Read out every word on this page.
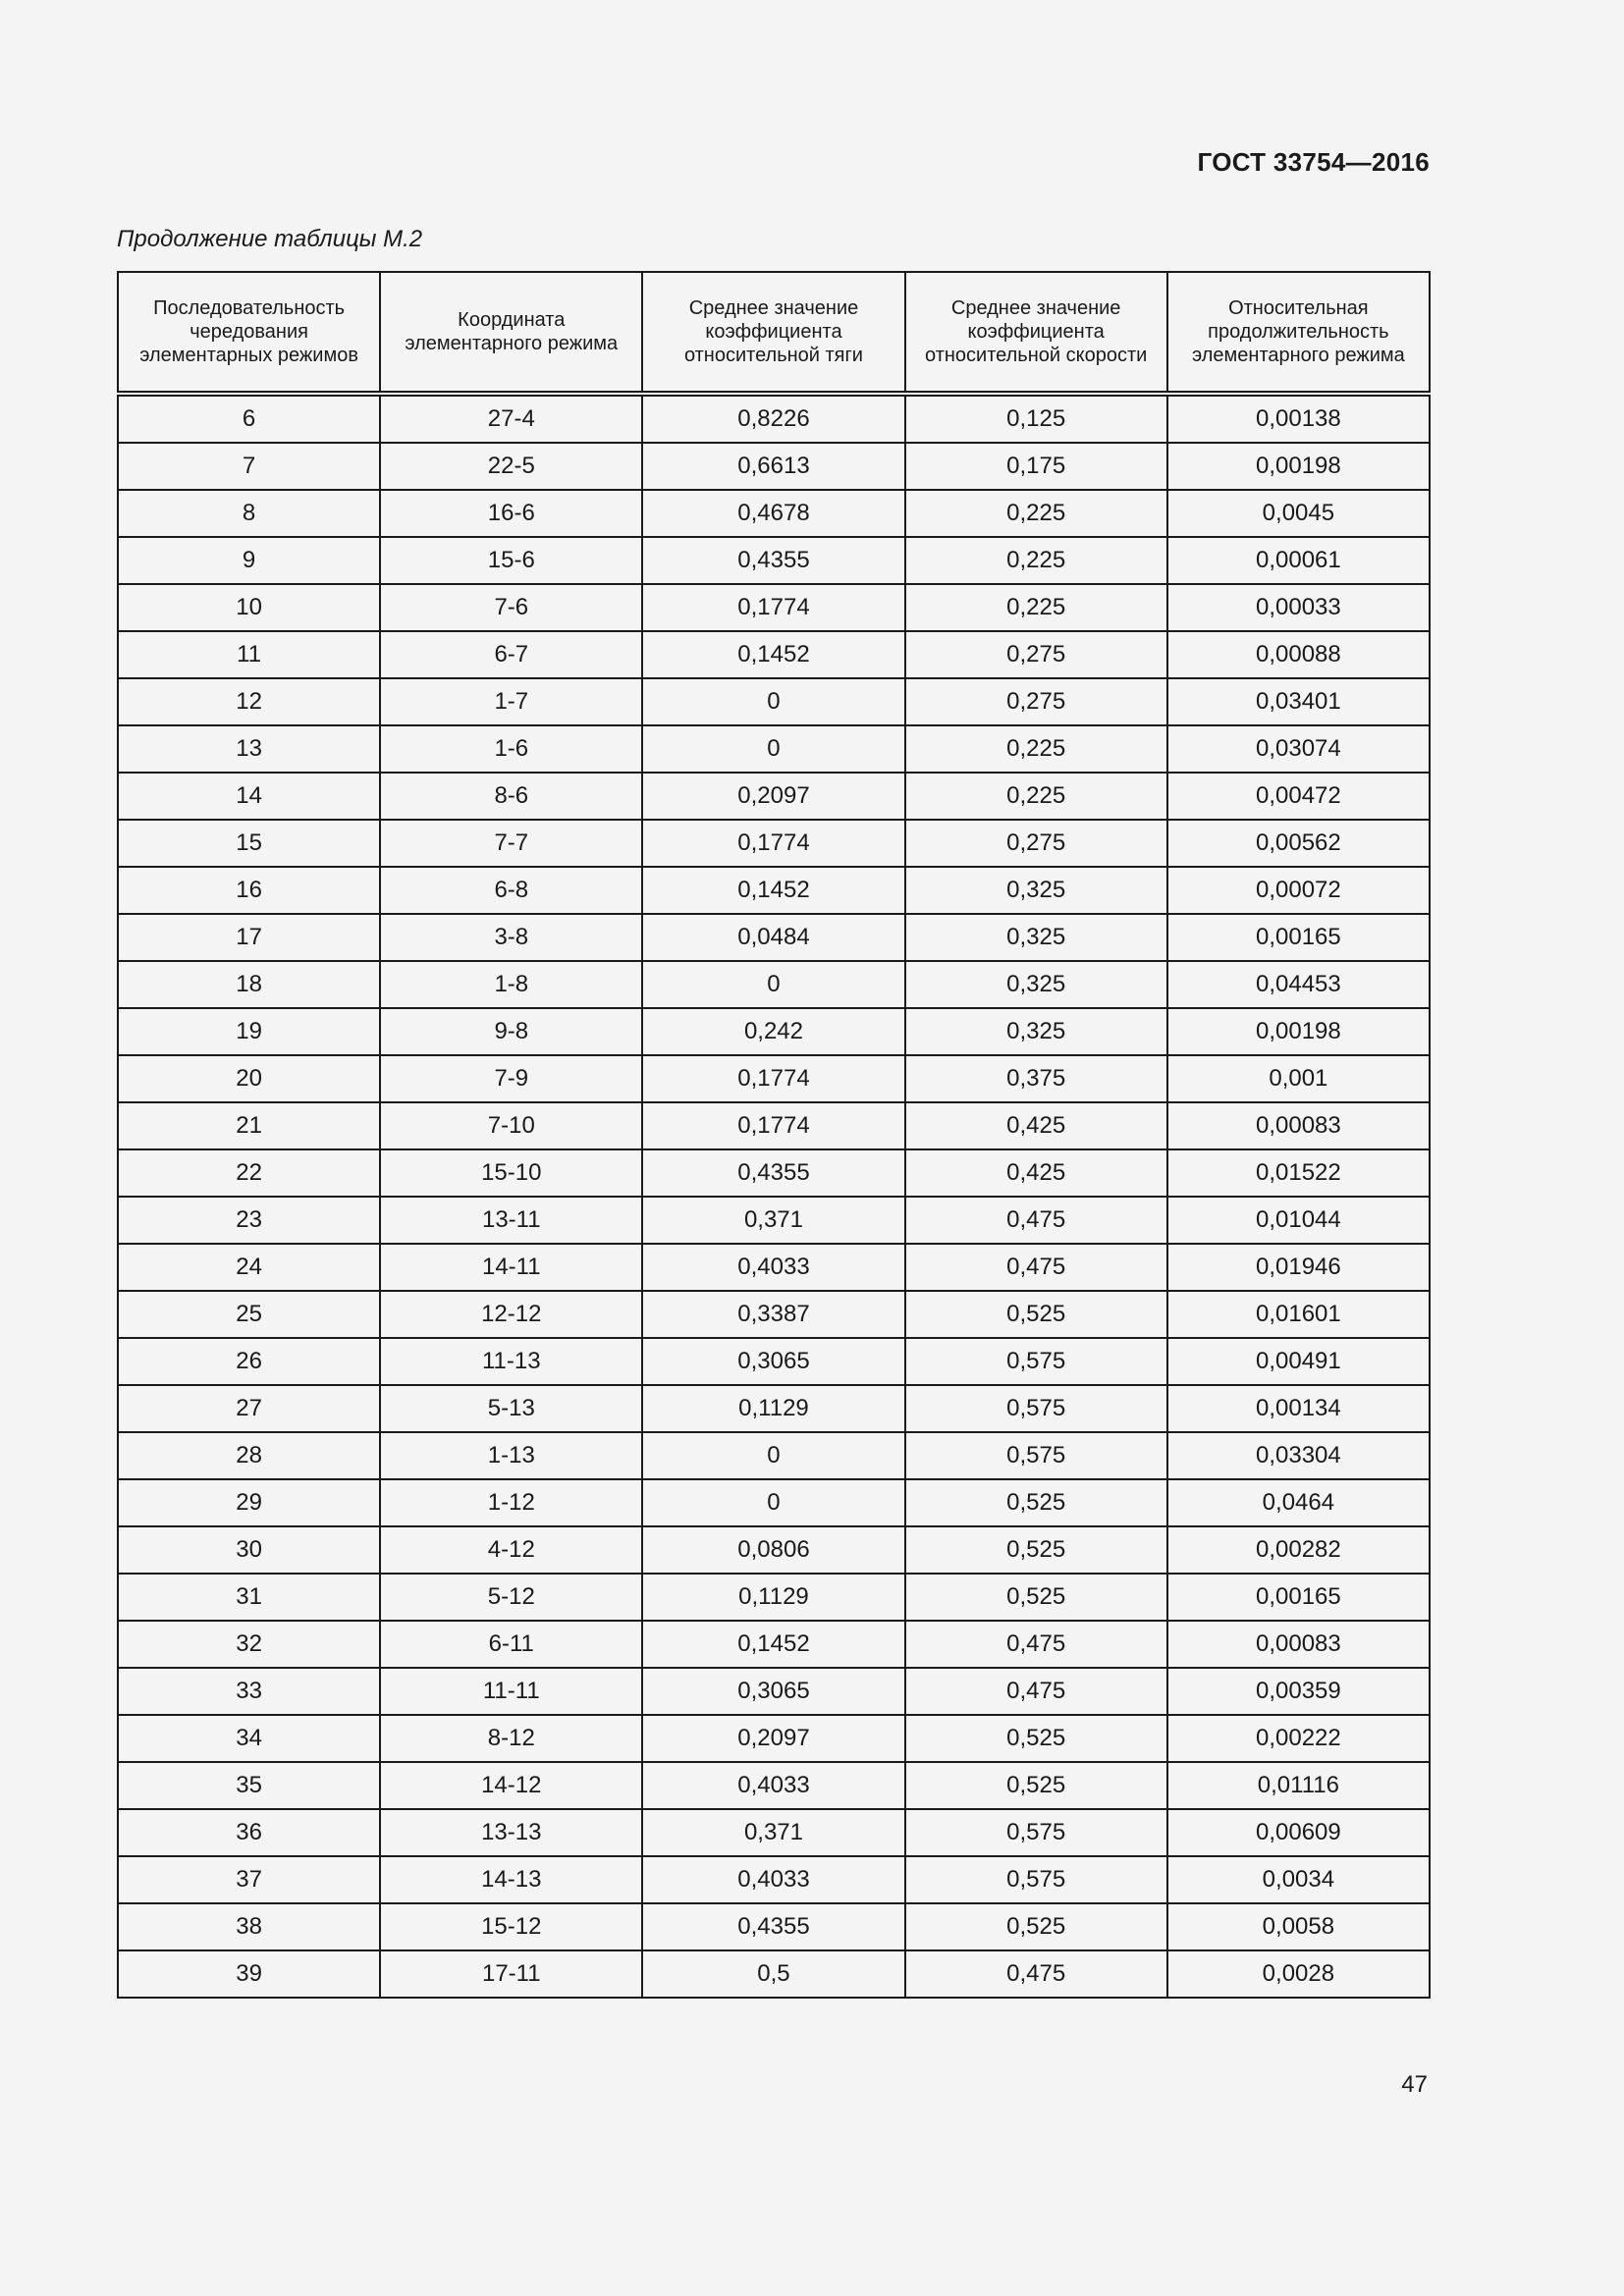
ГОСТ 33754—2016
Продолжение таблицы М.2
Последовательность чередования элементарных режимов	Координата элементарного режима	Среднее значение коэффициента относительной тяги	Среднее значение коэффициента относительной скорости	Относительная продолжительность элементарного режима
6	27-4	0,8226	0,125	0,00138
7	22-5	0,6613	0,175	0,00198
8	16-6	0,4678	0,225	0,0045
9	15-6	0,4355	0,225	0,00061
10	7-6	0,1774	0,225	0,00033
11	6-7	0,1452	0,275	0,00088
12	1-7	0	0,275	0,03401
13	1-6	0	0,225	0,03074
14	8-6	0,2097	0,225	0,00472
15	7-7	0,1774	0,275	0,00562
16	6-8	0,1452	0,325	0,00072
17	3-8	0,0484	0,325	0,00165
18	1-8	0	0,325	0,04453
19	9-8	0,242	0,325	0,00198
20	7-9	0,1774	0,375	0,001
21	7-10	0,1774	0,425	0,00083
22	15-10	0,4355	0,425	0,01522
23	13-11	0,371	0,475	0,01044
24	14-11	0,4033	0,475	0,01946
25	12-12	0,3387	0,525	0,01601
26	11-13	0,3065	0,575	0,00491
27	5-13	0,1129	0,575	0,00134
28	1-13	0	0,575	0,03304
29	1-12	0	0,525	0,0464
30	4-12	0,0806	0,525	0,00282
31	5-12	0,1129	0,525	0,00165
32	6-11	0,1452	0,475	0,00083
33	11-11	0,3065	0,475	0,00359
34	8-12	0,2097	0,525	0,00222
35	14-12	0,4033	0,525	0,01116
36	13-13	0,371	0,575	0,00609
37	14-13	0,4033	0,575	0,0034
38	15-12	0,4355	0,525	0,0058
39	17-11	0,5	0,475	0,0028
47
